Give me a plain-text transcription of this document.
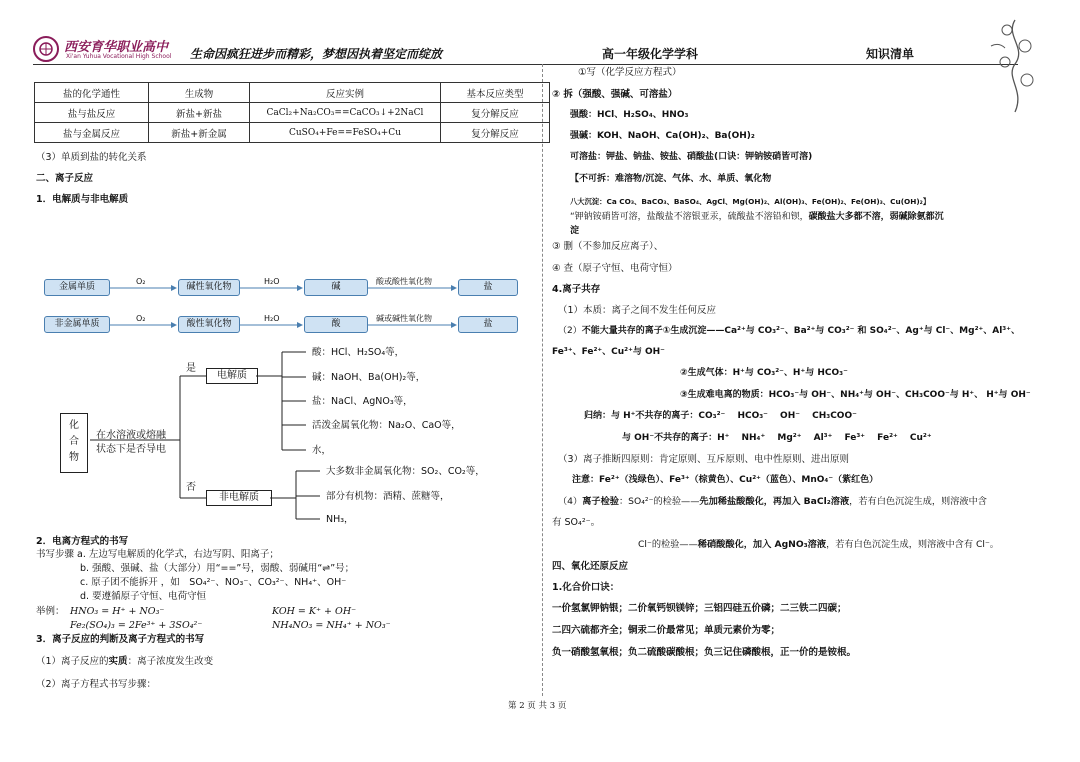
西安育华职业高中
Xi'an Yuhua Vocational High School 生命因疯狂进步而精彩，梦想因执着坚定而绽放	高一年级化学学科	知识清单
盐的化学通性	生成物	反应实例	基本反应类型
盐与盐反应	新盐+新盐	CaCl₂+Na₂CO₃==CaCO₃↓+2NaCl	复分解反应
盐与金属反应	新盐+新金属	CuSO₄+Fe==FeSO₄+Cu	复分解反应
（3）单质到盐的转化关系
二、离子反应
1．电解质与非电解质
金属单质	碱性氧化物	碱	盐
非金属单质	酸性氧化物	酸	盐
O₂	H₂O	酸或酸性氧化物
O₂	H₂O	碱或碱性氧化物
化合物
在水溶液或熔融
状态下是否导电
是
否
电解质
非电解质
酸：HCl、H₂SO₄等，
碱：NaOH、Ba(OH)₂等，
盐：NaCl、AgNO₃等，
活泼金属氧化物：Na₂O、CaO等，
水，
大多数非金属氧化物：SO₂、CO₂等，
部分有机物：酒精、蔗糖等，
NH₃，
2．电离方程式的书写
书写步骤 a. 左边写电解质的化学式，右边写阴、阳离子；
b. 强酸、强碱、盐（大部分）用“==”号，弱酸、弱碱用“⇌”号；
c. 原子团不能拆开 ，如　SO₄²⁻、NO₃⁻、CO₃²⁻、NH₄⁺、OH⁻
d. 要遵循原子守恒、电荷守恒
举例： HNO₃ = H⁺ + NO₃⁻	KOH = K⁺ + OH⁻
Fe₂(SO₄)₃ = 2Fe³⁺ + 3SO₄²⁻	NH₄NO₃ = NH₄⁺ + NO₃⁻
3．离子反应的判断及离子方程式的书写
（1）离子反应的实质：离子浓度发生改变
（2）离子方程式书写步骤：
①写（化学反应方程式）
② 拆（强酸、强碱、可溶盐）
强酸：HCl、H₂SO₄、HNO₃
强碱：KOH、NaOH、Ca(OH)₂、Ba(OH)₂
可溶盐：钾盐、钠盐、铵盐、硝酸盐(口诀：钾钠铵硝皆可溶)
【不可拆：难溶物/沉淀、气体、水、单质、氧化物
八大沉淀：Ca CO₃、BaCO₃、BaSO₄、AgCl、Mg(OH)₂、Al(OH)₃、Fe(OH)₂、Fe(OH)₃、Cu(OH)₂】
“钾钠铵硝皆可溶，盐酸盐不溶银亚汞，硫酸盐不溶铅和钡，碳酸盐大多都不溶，弱碱除氨都沉
淀
③ 删（不参加反应离子）、
④ 查（原子守恒、电荷守恒）
4.离子共存
（1）本质：离子之间不发生任何反应
（2）不能大量共存的离子①生成沉淀——Ca²⁺与 CO₃²⁻、Ba²⁺与 CO₃²⁻ 和 SO₄²⁻、Ag⁺与 Cl⁻、Mg²⁺、Al³⁺、
Fe³⁺、Fe²⁺、Cu²⁺与 OH⁻
②生成气体：H⁺与 CO₃²⁻、H⁺与 HCO₃⁻
③生成难电离的物质：HCO₃⁻与 OH⁻、NH₄⁺与 OH⁻、CH₃COO⁻与 H⁺、 H⁺与 OH⁻
归纳：与 H⁺不共存的离子：CO₃²⁻　 HCO₃⁻　 OH⁻　 CH₃COO⁻
与 OH⁻不共存的离子：H⁺　 NH₄⁺　 Mg²⁺　 Al³⁺　 Fe³⁺　 Fe²⁺　 Cu²⁺
（3）离子推断四原则：肯定原则、互斥原则、电中性原则、进出原则
注意：Fe²⁺（浅绿色）、Fe³⁺（棕黄色）、Cu²⁺（蓝色）、MnO₄⁻（紫红色）
（4）离子检验：SO₄²⁻的检验——先加稀盐酸酸化，再加入 BaCl₂溶液，若有白色沉淀生成，则溶液中含
有 SO₄²⁻。
Cl⁻的检验——稀硝酸酸化，加入 AgNO₃溶液，若有白色沉淀生成，则溶液中含有 Cl⁻。
四、氧化还原反应
1.化合价口诀：
一价氢氯钾钠银；二价氧钙钡镁锌；三铝四硅五价磷；二三铁二四碳；
二四六硫都齐全；铜汞二价最常见；单质元素价为零；
负一硝酸氢氧根；负二硫酸碳酸根；负三记住磷酸根，正一价的是铵根。
第 2 页 共 3 页
